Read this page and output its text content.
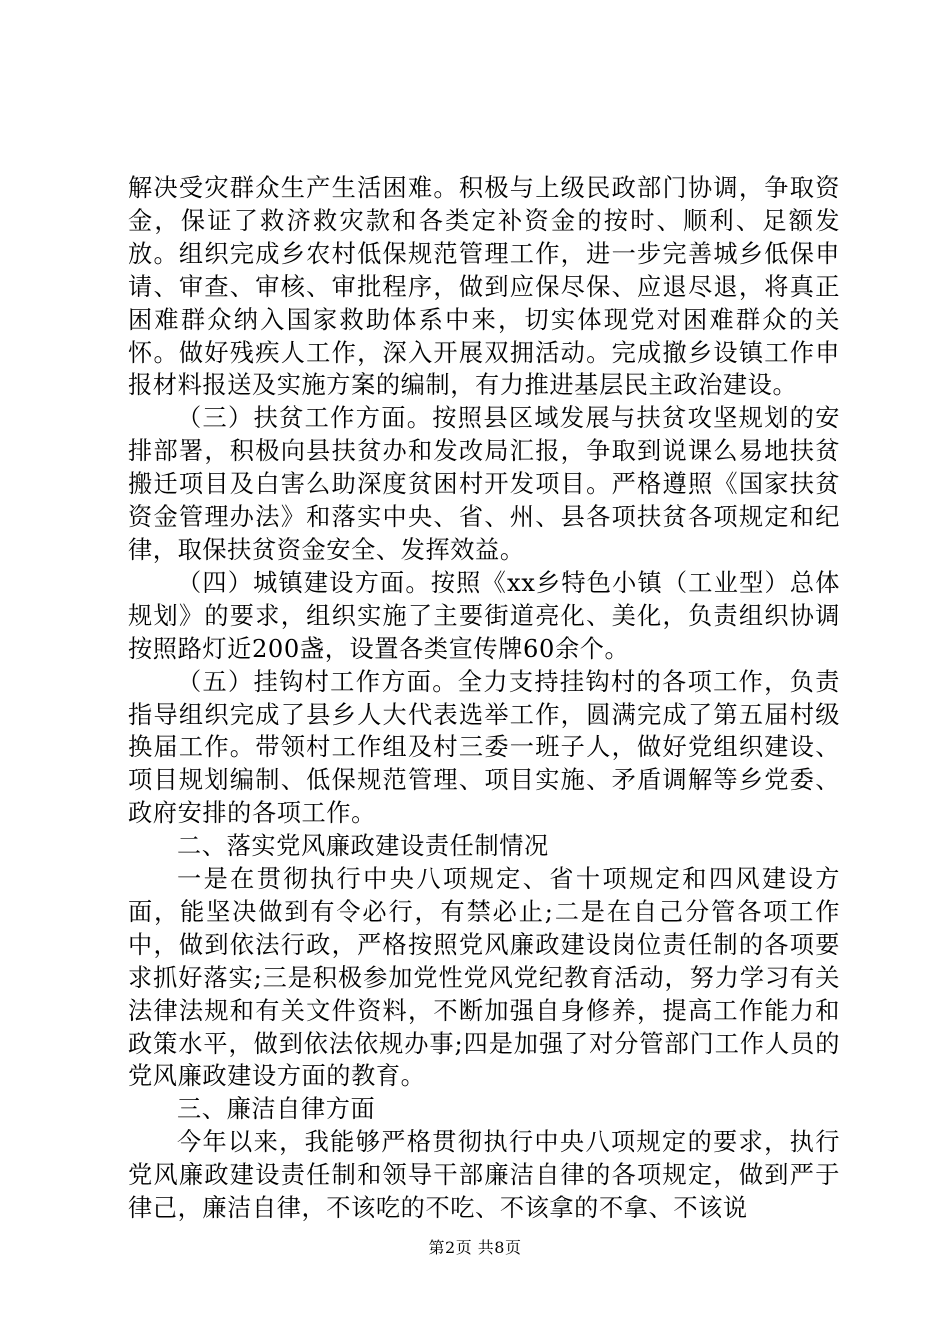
解决受灾群众生产生活困难。积极与上级民政部门协调，争取资金，保证了救济救灾款和各类定补资金的按时、顺利、足额发放。组织完成乡农村低保规范管理工作，进一步完善城乡低保申请、审查、审核、审批程序，做到应保尽保、应退尽退，将真正困难群众纳入国家救助体系中来，切实体现党对困难群众的关怀。做好残疾人工作，深入开展双拥活动。完成撤乡设镇工作申报材料报送及实施方案的编制，有力推进基层民主政治建设。

（三）扶贫工作方面。按照县区域发展与扶贫攻坚规划的安排部署，积极向县扶贫办和发改局汇报，争取到说课么易地扶贫搬迁项目及白害么助深度贫困村开发项目。严格遵照《国家扶贫资金管理办法》和落实中央、省、州、县各项扶贫各项规定和纪律，取保扶贫资金安全、发挥效益。

（四）城镇建设方面。按照《xx乡特色小镇（工业型）总体规划》的要求，组织实施了主要街道亮化、美化，负责组织协调按照路灯近200盏，设置各类宣传牌60余个。

（五）挂钩村工作方面。全力支持挂钩村的各项工作，负责指导组织完成了县乡人大代表选举工作，圆满完成了第五届村级换届工作。带领村工作组及村三委一班子人，做好党组织建设、项目规划编制、低保规范管理、项目实施、矛盾调解等乡党委、政府安排的各项工作。

二、落实党风廉政建设责任制情况

一是在贯彻执行中央八项规定、省十项规定和四风建设方面，能坚决做到有令必行，有禁必止;二是在自己分管各项工作中，做到依法行政，严格按照党风廉政建设岗位责任制的各项要求抓好落实;三是积极参加党性党风党纪教育活动，努力学习有关法律法规和有关文件资料，不断加强自身修养，提高工作能力和政策水平，做到依法依规办事;四是加强了对分管部门工作人员的党风廉政建设方面的教育。

三、廉洁自律方面

今年以来，我能够严格贯彻执行中央八项规定的要求，执行党风廉政建设责任制和领导干部廉洁自律的各项规定，做到严于律己，廉洁自律，不该吃的不吃、不该拿的不拿、不该说

第2页 共8页
